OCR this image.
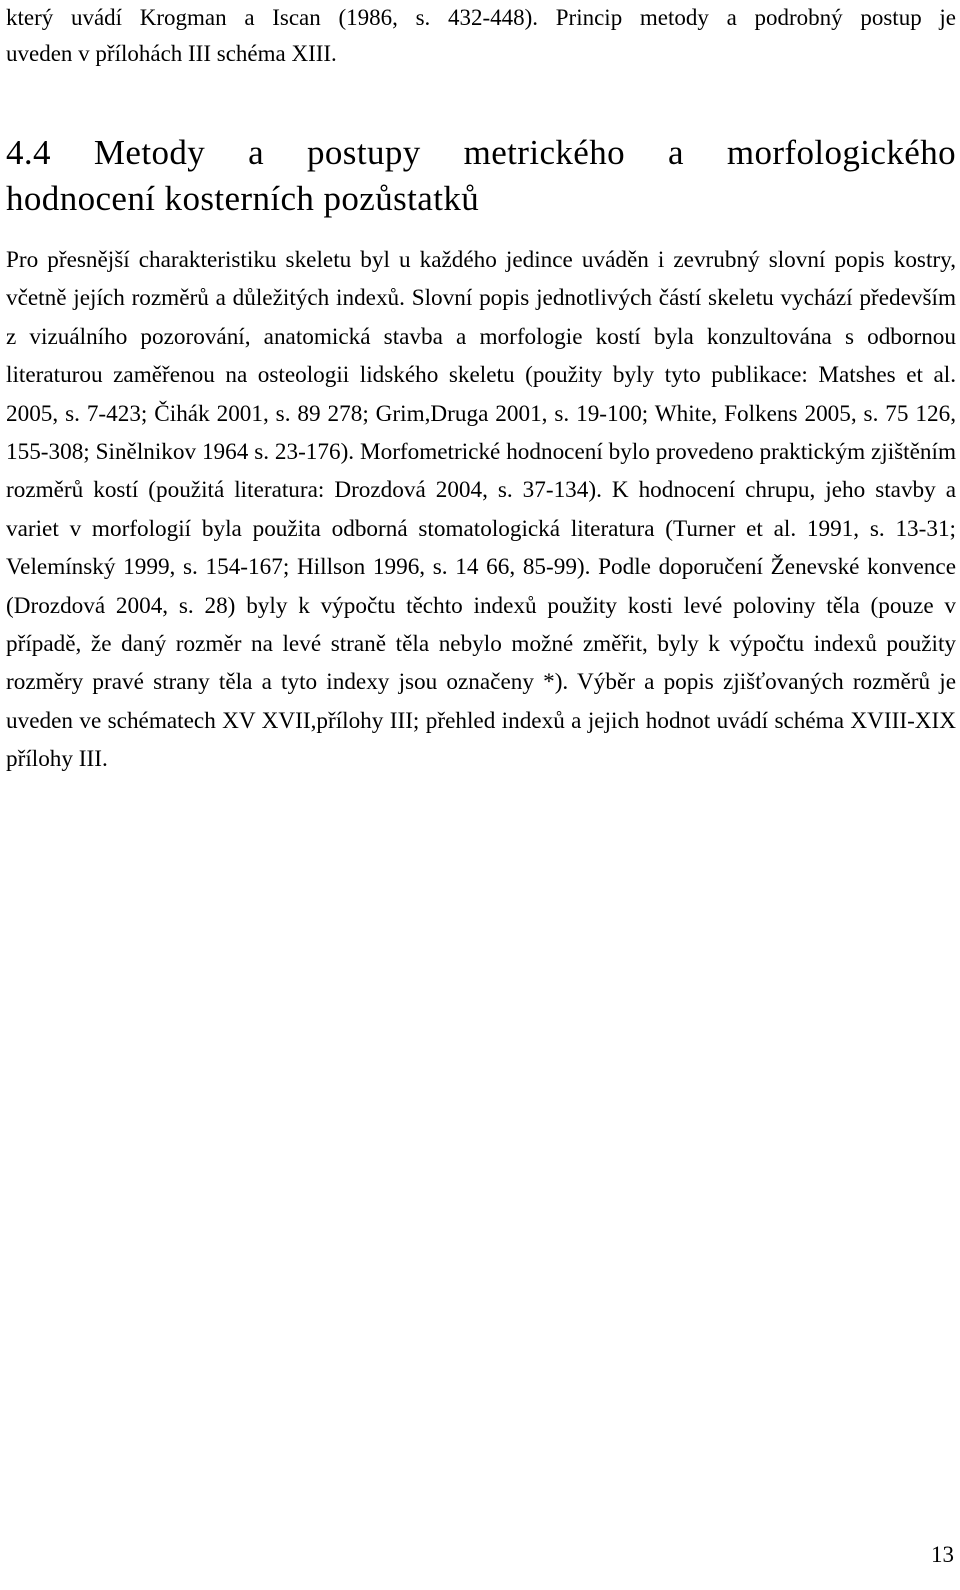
který uvádí Krogman a Iscan (1986, s. 432-448). Princip metody a podrobný postup je
uveden v přílohách III schéma XIII.
4.4 Metody a postupy metrického a morfologického
hodnocení kosterních pozůstatků

Pro přesnější charakteristiku skeletu byl u každého jedince uváděn i zevrubný slovní popis kostry, včetně jejích rozměrů a důležitých indexů. Slovní popis jednotlivých částí skeletu vychází především z vizuálního pozorování, anatomická stavba a morfologie kostí byla konzultována s odbornou literaturou zaměřenou na osteologii lidského skeletu (použity byly tyto publikace: Matshes et al. 2005, s. 7-423; Čihák 2001, s. 89 278; Grim,Druga 2001, s. 19-100; White, Folkens 2005, s. 75 126, 155-308; Sinělnikov 1964 s. 23-176). Morfometrické hodnocení bylo provedeno praktickým zjištěním rozměrů kostí (použitá literatura: Drozdová 2004, s. 37-134). K hodnocení chrupu, jeho stavby a variet v morfologií byla použita odborná stomatologická literatura (Turner et al. 1991, s. 13-31; Velemínský 1999, s. 154-167; Hillson 1996, s. 14 66, 85-99). Podle doporučení Ženevské konvence (Drozdová 2004, s. 28) byly k výpočtu těchto indexů použity kosti levé poloviny těla (pouze v případě, že daný rozměr na levé straně těla nebylo možné změřit, byly k výpočtu indexů použity rozměry pravé strany těla a tyto indexy jsou označeny *). Výběr a popis zjišťovaných rozměrů je uveden ve schématech XV XVII,přílohy III; přehled indexů a jejich hodnot uvádí schéma XVIII-XIX přílohy III.

13
